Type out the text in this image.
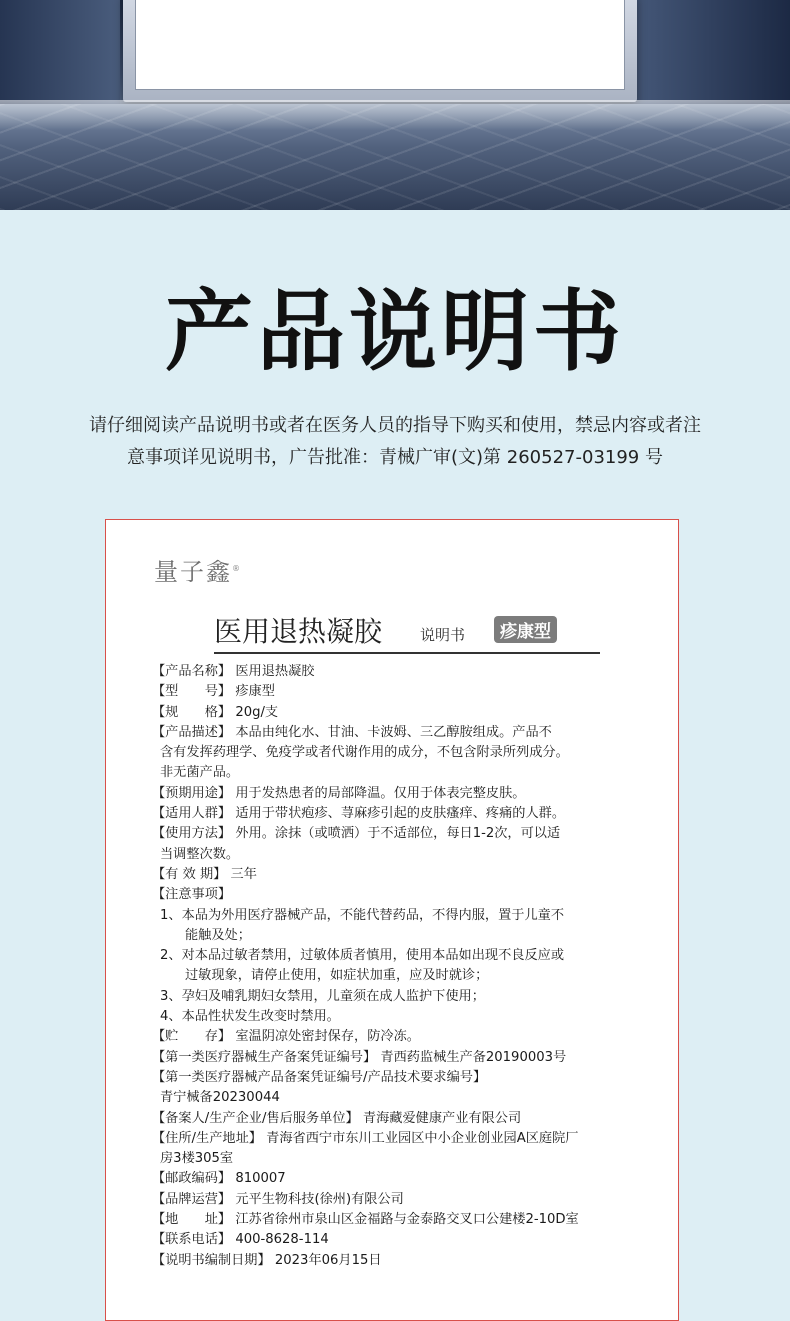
产品说明书
请仔细阅读产品说明书或者在医务人员的指导下购买和使用，禁忌内容或者注
意事项详见说明书，广告批准：青械广审(文)第 260527-03199 号
量子鑫®
医用退热凝胶	说明书	疹康型
【产品名称】 医用退热凝胶
【型　　号】 疹康型
【规　　格】 20g/支
【产品描述】 本品由纯化水、甘油、卡波姆、三乙醇胺组成。产品不
含有发挥药理学、免疫学或者代谢作用的成分，不包含附录所列成分。
非无菌产品。
【预期用途】 用于发热患者的局部降温。仅用于体表完整皮肤。
【适用人群】 适用于带状疱疹、荨麻疹引起的皮肤瘙痒、疼痛的人群。
【使用方法】 外用。涂抹（或喷洒）于不适部位，每日1-2次，可以适
当调整次数。
【有 效 期】 三年
【注意事项】
1、本品为外用医疗器械产品，不能代替药品，不得内服，置于儿童不
能触及处；
2、对本品过敏者禁用，过敏体质者慎用，使用本品如出现不良反应或
过敏现象，请停止使用，如症状加重，应及时就诊；
3、孕妇及哺乳期妇女禁用，儿童须在成人监护下使用；
4、本品性状发生改变时禁用。
【贮　　存】 室温阴凉处密封保存，防冷冻。
【第一类医疗器械生产备案凭证编号】 青西药监械生产备20190003号
【第一类医疗器械产品备案凭证编号/产品技术要求编号】
青宁械备20230044
【备案人/生产企业/售后服务单位】 青海藏爱健康产业有限公司
【住所/生产地址】 青海省西宁市东川工业园区中小企业创业园A区庭院厂
房3楼305室
【邮政编码】 810007
【品牌运营】 元平生物科技(徐州)有限公司
【地　　址】 江苏省徐州市泉山区金福路与金泰路交叉口公建楼2-10D室
【联系电话】 400-8628-114
【说明书编制日期】 2023年06月15日
